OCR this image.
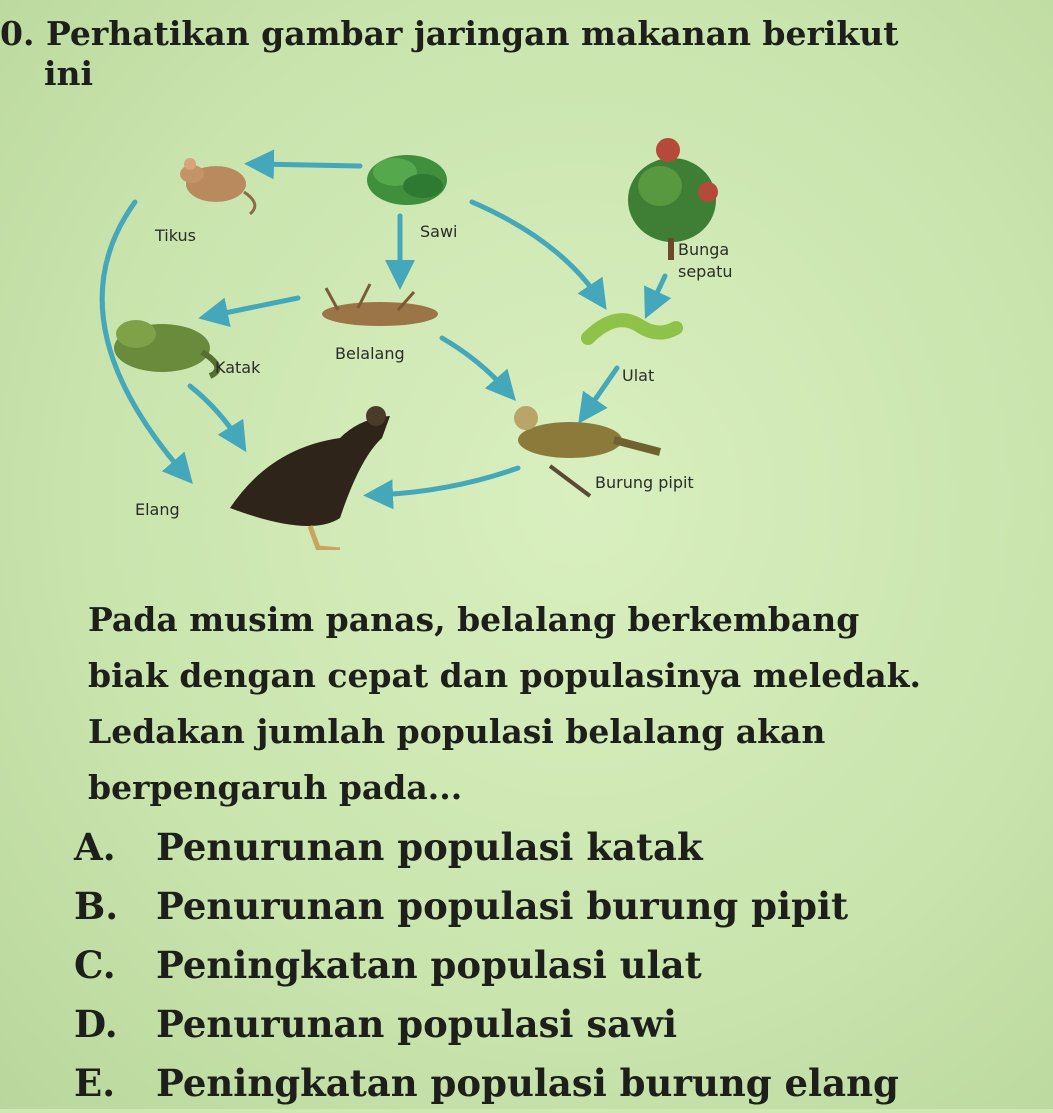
0. Perhatikan gambar jaringan makanan berikut
ini
Tikus	Sawi
Bunga
sepatu
Katak
Belalang
Ulat
Burung pipit
Elang
Pada musim panas, belalang berkembang
biak dengan cepat dan populasinya meledak.
Ledakan jumlah populasi belalang akan
berpengaruh pada...
A.	Penurunan populasi katak
B.	Penurunan populasi burung pipit
C.	Peningkatan populasi ulat
D.	Penurunan populasi sawi
E.	Peningkatan populasi burung elang
